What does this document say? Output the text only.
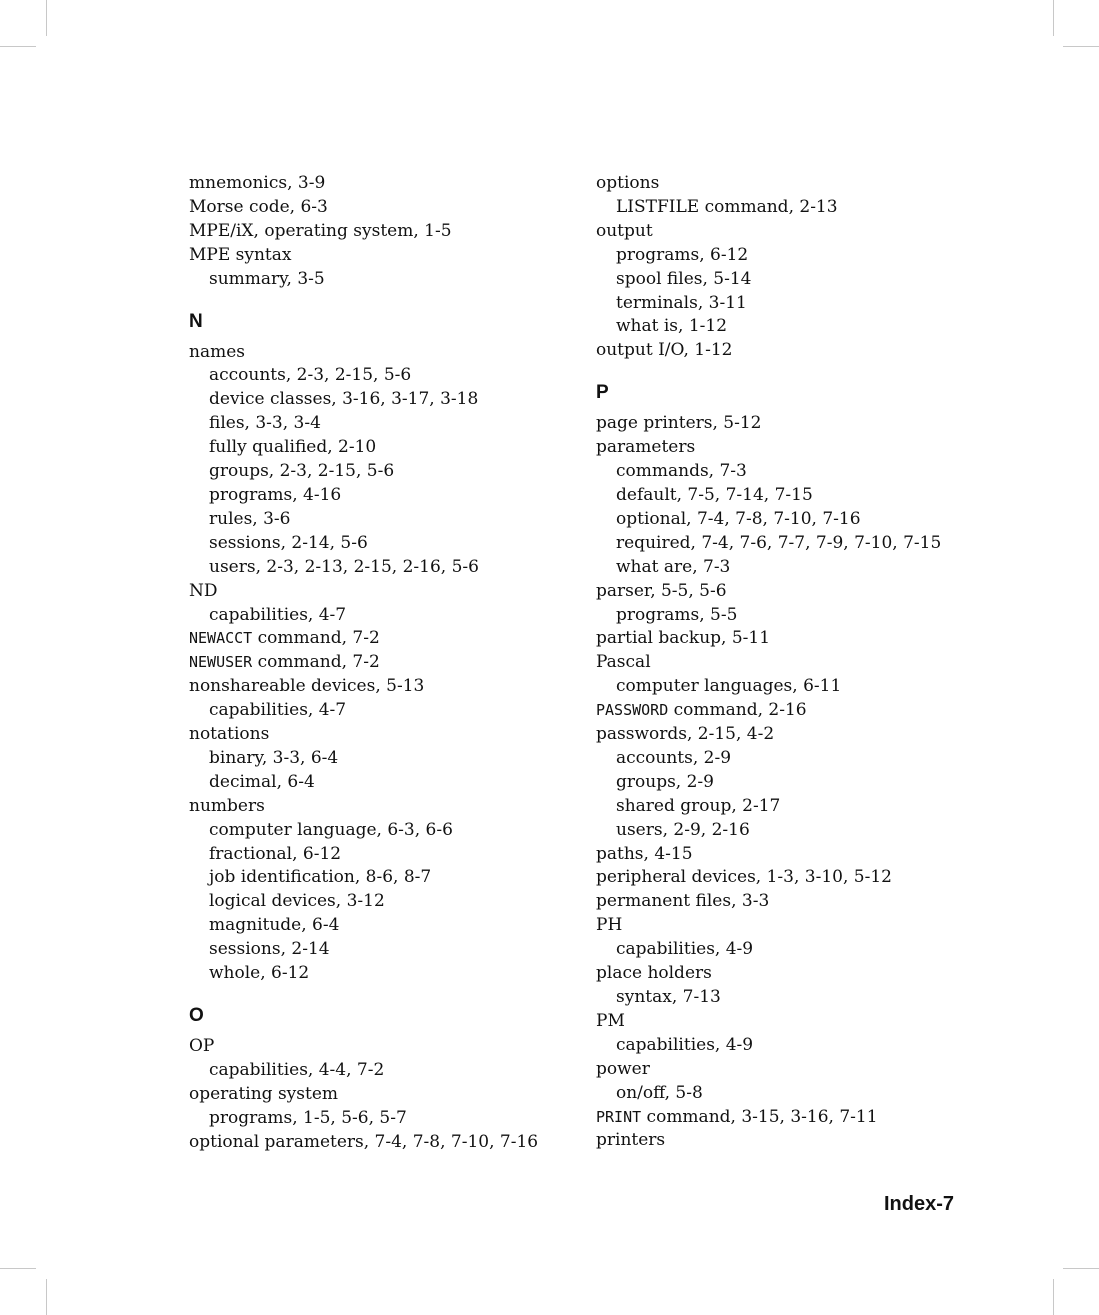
mnemonics, 3-9
Morse code, 6-3
MPE/iX, operating system, 1-5
MPE syntax
summary, 3-5
N
names
accounts, 2-3, 2-15, 5-6
device classes, 3-16, 3-17, 3-18
files, 3-3, 3-4
fully qualified, 2-10
groups, 2-3, 2-15, 5-6
programs, 4-16
rules, 3-6
sessions, 2-14, 5-6
users, 2-3, 2-13, 2-15, 2-16, 5-6
ND
capabilities, 4-7
NEWACCT command, 7-2
NEWUSER command, 7-2
nonshareable devices, 5-13
capabilities, 4-7
notations
binary, 3-3, 6-4
decimal, 6-4
numbers
computer language, 6-3, 6-6
fractional, 6-12
job identification, 8-6, 8-7
logical devices, 3-12
magnitude, 6-4
sessions, 2-14
whole, 6-12
O
OP
capabilities, 4-4, 7-2
operating system
programs, 1-5, 5-6, 5-7
optional parameters, 7-4, 7-8, 7-10, 7-16
options
LISTFILE command, 2-13
output
programs, 6-12
spool files, 5-14
terminals, 3-11
what is, 1-12
output I/O, 1-12
P
page printers, 5-12
parameters
commands, 7-3
default, 7-5, 7-14, 7-15
optional, 7-4, 7-8, 7-10, 7-16
required, 7-4, 7-6, 7-7, 7-9, 7-10, 7-15
what are, 7-3
parser, 5-5, 5-6
programs, 5-5
partial backup, 5-11
Pascal
computer languages, 6-11
PASSWORD command, 2-16
passwords, 2-15, 4-2
accounts, 2-9
groups, 2-9
shared group, 2-17
users, 2-9, 2-16
paths, 4-15
peripheral devices, 1-3, 3-10, 5-12
permanent files, 3-3
PH
capabilities, 4-9
place holders
syntax, 7-13
PM
capabilities, 4-9
power
on/off, 5-8
PRINT command, 3-15, 3-16, 7-11
printers
Index-7
